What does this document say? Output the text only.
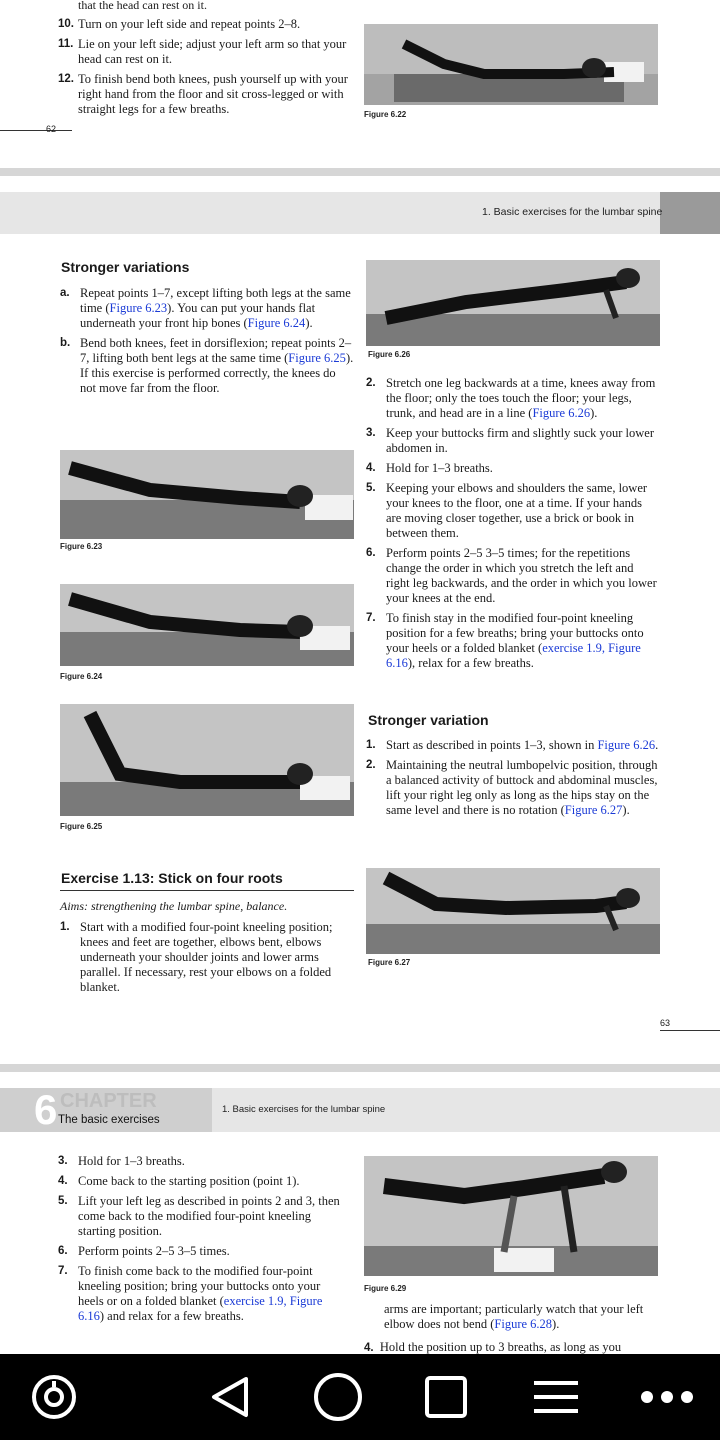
that the head can rest on it.
10. Turn on your left side and repeat points 2–8.
11. Lie on your left side; adjust your left arm so that your head can rest on it.
12. To finish bend both knees, push yourself up with your right hand from the floor and sit cross-legged or with straight legs for a few breaths.	Figure 6.22
62
1. Basic exercises for the lumbar spine
Stronger variations
a. Repeat points 1–7, except lifting both legs at the same time (Figure 6.23). You can put your hands flat underneath your front hip bones (Figure 6.24).
b. Bend both knees, feet in dorsiflexion; repeat points 2–7, lifting both bent legs at the same time (Figure 6.25). If this exercise is performed correctly, the knees do not move far from the floor.
Figure 6.23
Figure 6.24
Figure 6.25
Exercise 1.13: Stick on four roots
Aims: strengthening the lumbar spine, balance.
1. Start with a modified four-point kneeling position; knees and feet are together, elbows bent, elbows underneath your shoulder joints and lower arms parallel. If necessary, rest your elbows on a folded blanket.
Figure 6.26
2. Stretch one leg backwards at a time, knees away from the floor; only the toes touch the floor; your legs, trunk, and head are in a line (Figure 6.26).
3. Keep your buttocks firm and slightly suck your lower abdomen in.
4. Hold for 1–3 breaths.
5. Keeping your elbows and shoulders the same, lower your knees to the floor, one at a time. If your hands are moving closer together, use a brick or book in between them.
6. Perform points 2–5 3–5 times; for the repetitions change the order in which you stretch the left and right leg backwards, and the order in which you lower your knees at the end.
7. To finish stay in the modified four-point kneeling position for a few breaths; bring your buttocks onto your heels or a folded blanket (exercise 1.9, Figure 6.16), relax for a few breaths.
Stronger variation
1. Start as described in points 1–3, shown in Figure 6.26.
2. Maintaining the neutral lumbopelvic position, through a balanced activity of buttock and abdominal muscles, lift your right leg only as long as the hips stay on the same level and there is no rotation (Figure 6.27).
Figure 6.27
63
6 CHAPTER
The basic exercises
1. Basic exercises for the lumbar spine
3. Hold for 1–3 breaths.
4. Come back to the starting position (point 1).
5. Lift your left leg as described in points 2 and 3, then come back to the modified four-point kneeling starting position.
6. Perform points 2–5 3–5 times.
7. To finish come back to the modified four-point kneeling position; bring your buttocks onto your heels or on a folded blanket (exercise 1.9, Figure 6.16) and relax for a few breaths.
Figure 6.29
arms are important; particularly watch that your left elbow does not bend (Figure 6.28).
4. Hold the position up to 3 breaths, as long as you
